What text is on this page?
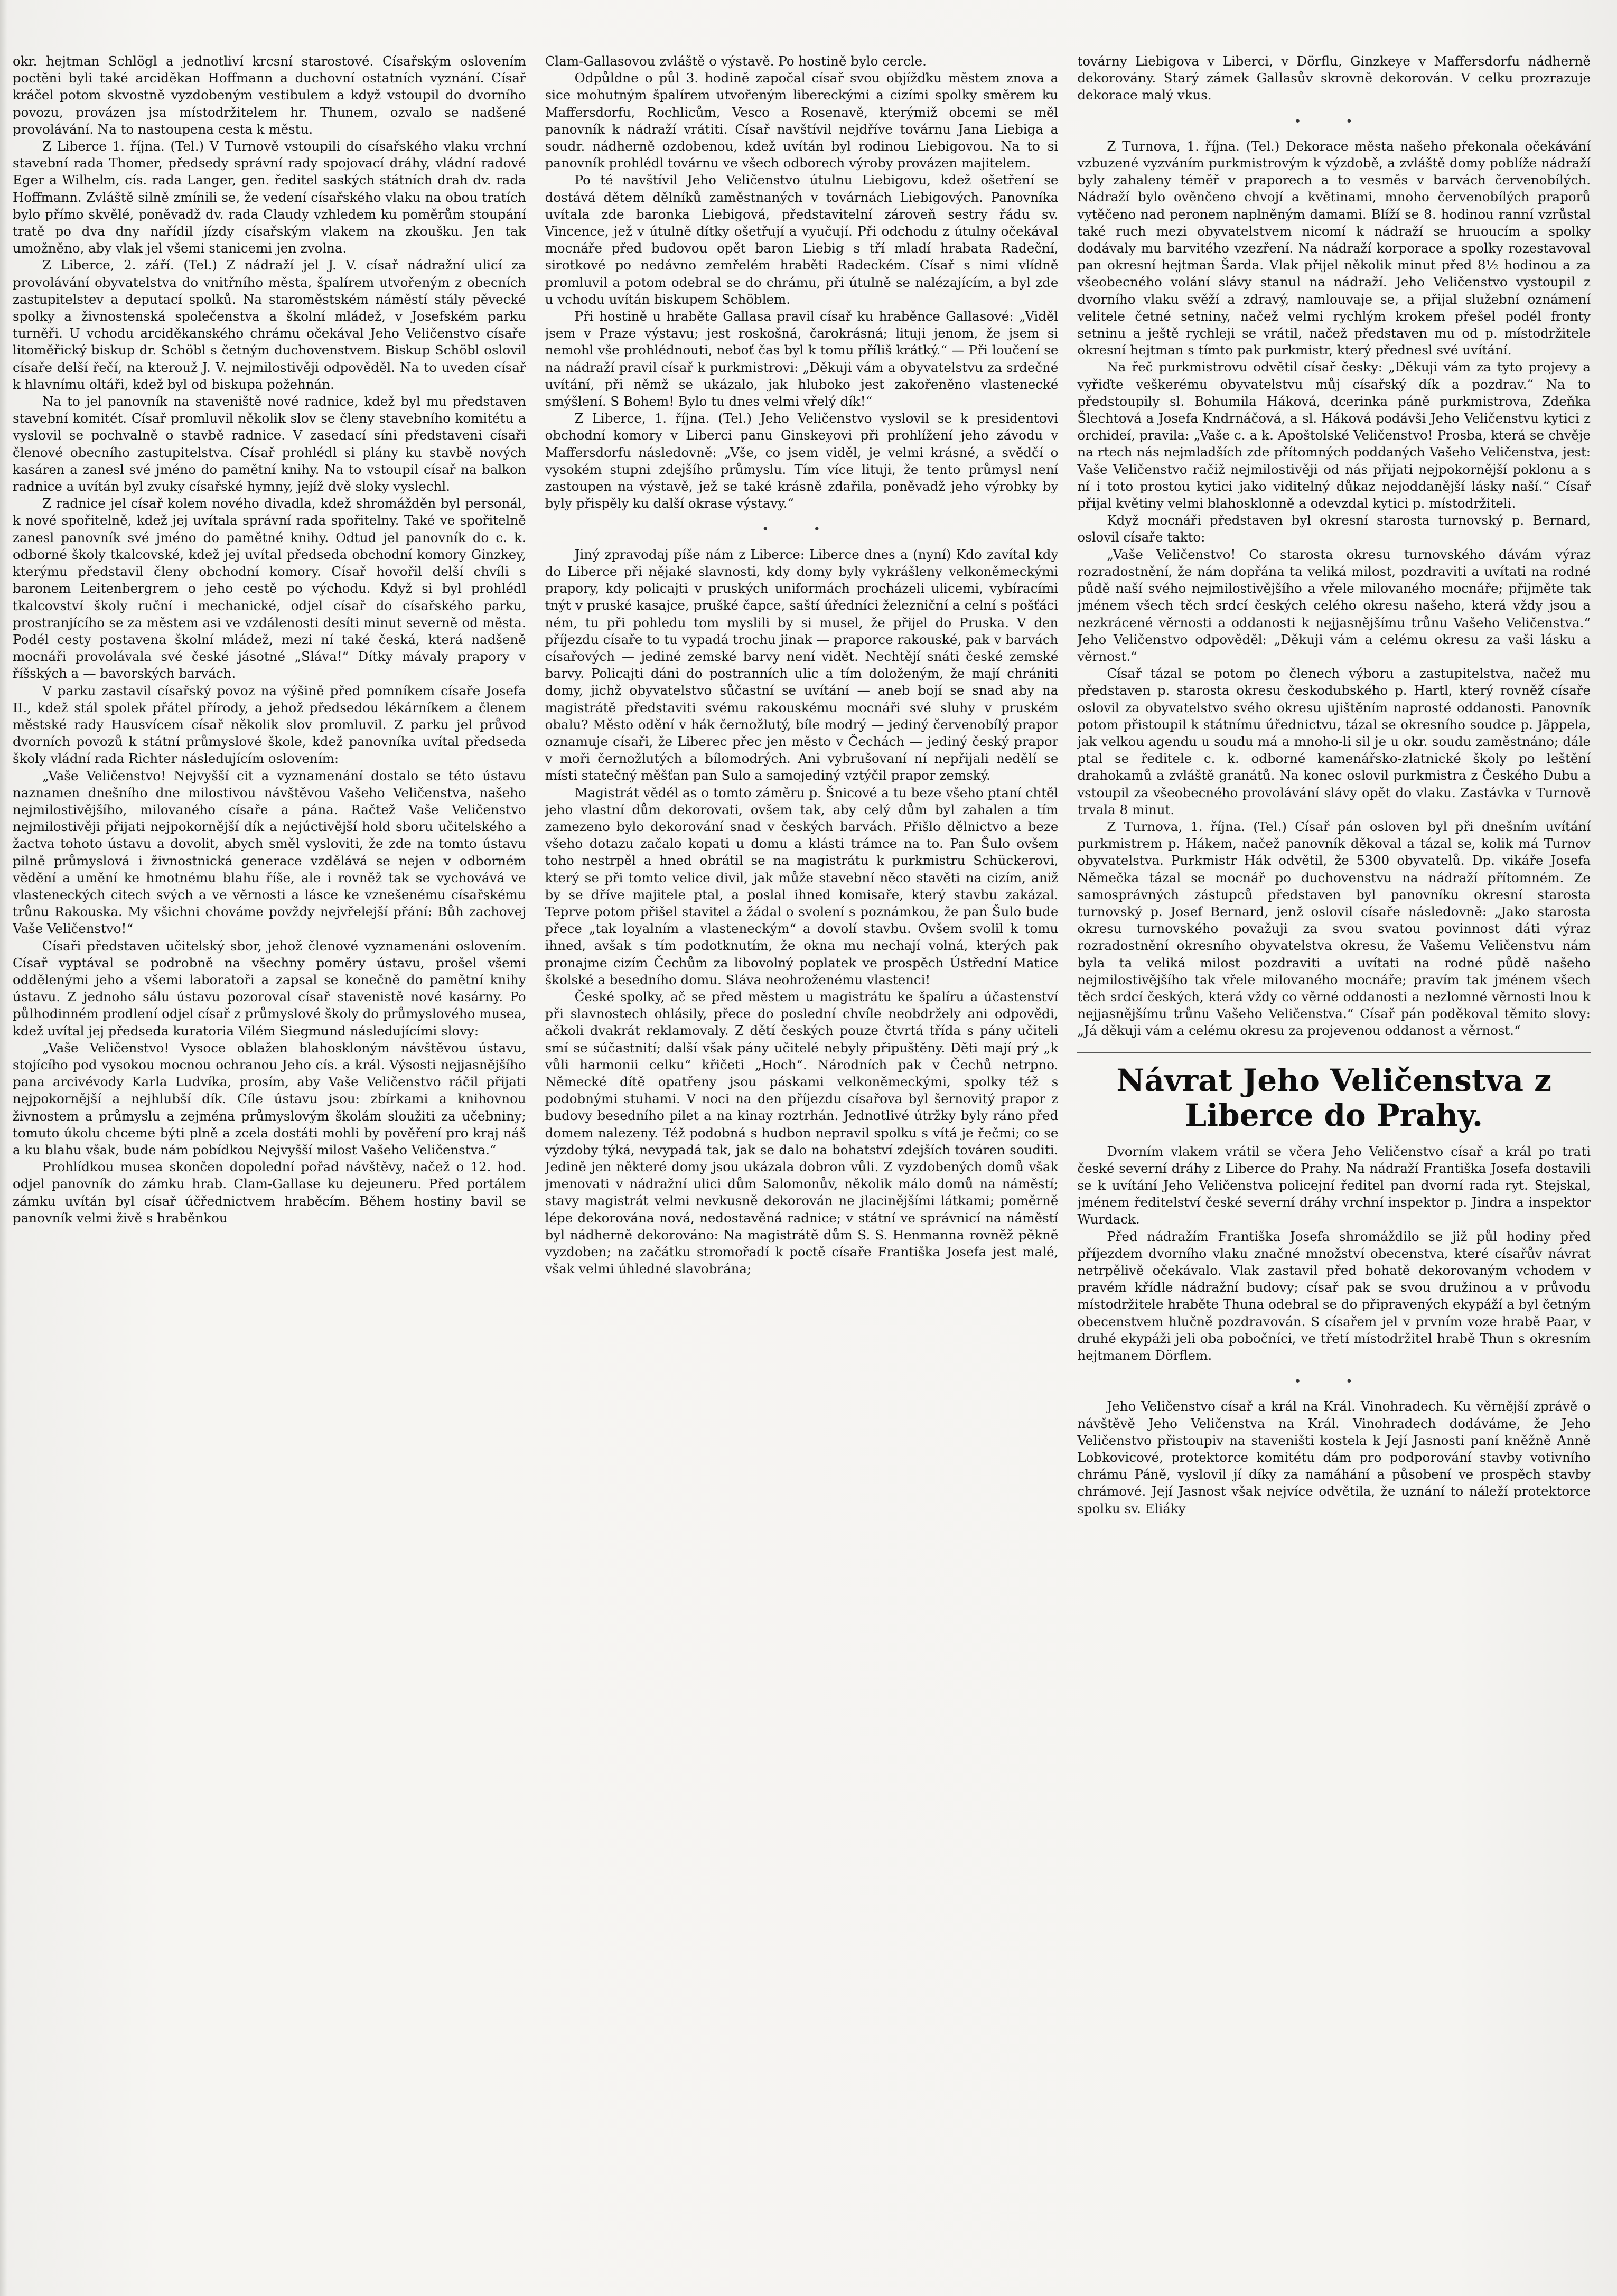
okr. hejtman Schlögl a jednotliví krcsní starostové. Císařským oslovením poctěni byli také arciděkan Hoffmann a duchovní ostatních vyznání. Císař kráčel potom skvostně vyzdobeným vestibulem a když vstoupil do dvorního povozu, provázen jsa místodržitelem hr. Thunem, ozvalo se nadšené provolávání. Na to nastoupena cesta k městu.

Z Liberce 1. října. (Tel.) V Turnově vstoupili do císařského vlaku vrchní stavební rada Thomer, předsedy správní rady spojovací dráhy, vládní radové Eger a Wilhelm, cís. rada Langer, gen. ředitel saských státních drah dv. rada Hoffmann. Zvláště silně zmínili se, že vedení císařského vlaku na obou tratích bylo přímo skvělé, poněvadž dv. rada Claudy vzhledem ku poměrům stoupání tratě po dva dny nařídil jízdy císařským vlakem na zkoušku. Jen tak umožněno, aby vlak jel všemi stanicemi jen zvolna.

Z Liberce, 2. září. (Tel.) Z nádraží jel J. V. císař nádražní ulicí za provolávání obyvatelstva do vnitřního města, špalírem utvořeným z obecních zastupitelstev a deputací spolků. Na staroměstském náměstí stály pěvecké spolky a živnostenská společenstva a školní mládež, v Josefském parku turněři. U vchodu arciděkanského chrámu očekával Jeho Veličenstvo císaře litoměřický biskup dr. Schöbl s četným duchovenstvem. Biskup Schöbl oslovil císaře delší řečí, na kterouž J. V. nejmilostivěji odpověděl. Na to uveden císař k hlavnímu oltáři, kdež byl od biskupa požehnán.

Na to jel panovník na staveniště nové radnice, kdež byl mu představen stavební komitét. Císař promluvil několik slov se členy stavebního komitétu a vyslovil se pochvalně o stavbě radnice. V zasedací síni představeni císaři členové obecního zastupitelstva. Císař prohlédl si plány ku stavbě nových kasáren a zanesl své jméno do pamětní knihy. Na to vstoupil císař na balkon radnice a uvítán byl zvuky císařské hymny, jejíž dvě sloky vyslechl.

Z radnice jel císař kolem nového divadla, kdež shromážděn byl personál, k nové spořitelně, kdež jej uvítala správní rada spořitelny. Také ve spořitelně zanesl panovník své jméno do pamětné knihy. Odtud jel panovník do c. k. odborné školy tkalcovské, kdež jej uvítal předseda obchodní komory Ginzkey, kterýmu představil členy obchodní komory. Císař hovořil delší chvíli s baronem Leitenbergrem o jeho cestě po východu. Když si byl prohlédl tkalcovství školy ruční i mechanické, odjel císař do císařského parku, prostranjícího se za městem asi ve vzdálenosti desíti minut severně od města. Podél cesty postavena školní mládež, mezi ní také česká, která nadšeně mocnáři provolávala své české jásotné „Sláva!“ Dítky mávaly prapory v říšských a — bavorských barvách.

V parku zastavil císařský povoz na výšině před pomníkem císaře Josefa II., kdež stál spolek přátel přírody, a jehož předsedou lékárníkem a členem městské rady Hausvícem císař několik slov promluvil. Z parku jel průvod dvorních povozů k státní průmyslové škole, kdež panovníka uvítal předseda školy vládní rada Richter následujícím oslovením:

„Vaše Veličenstvo! Nejvyšší cit a vyznamenání dostalo se této ústavu naznamen dnešního dne milostivou návštěvou Vašeho Veličenstva, našeho nejmilostivějšího, milovaného císaře a pána. Račtež Vaše Veličenstvo nejmilostivěji přijati nejpokornější dík a nejúctivější hold sboru učitelského a žactva tohoto ústavu a dovolit, abych směl vysloviti, že zde na tomto ústavu pilně průmyslová i živnostnická generace vzdělává se nejen v odborném vědění a umění ke hmotnému blahu říše, ale i rovněž tak se vychovává ve vlasteneckých citech svých a ve věrnosti a lásce ke vznešenému císařskému trůnu Rakouska. My všichni chováme povždy nejvřelejší přání: Bůh zachovej Vaše Veličenstvo!“

Císaři představen učitelský sbor, jehož členové vyznamenáni oslovením. Císař vyptával se podrobně na všechny poměry ústavu, prošel všemi oddělenými jeho a všemi laboratoři a zapsal se konečně do pamětní knihy ústavu. Z jednoho sálu ústavu pozoroval císař stavenistě nové kasárny. Po půlhodinném prodlení odjel císař z průmyslové školy do průmyslového musea, kdež uvítal jej předseda kuratoria Vilém Siegmund následujícími slovy:

„Vaše Veličenstvo! Vysoce oblažen blahoskloným návštěvou ústavu, stojícího pod vysokou mocnou ochranou Jeho cís. a král. Výsosti nejjasnějšího pana arcivévody Karla Ludvíka, prosím, aby Vaše Veličenstvo ráčil přijati nejpokornější a nejhlubší dík. Cíle ústavu jsou: zbírkami a knihovnou živnostem a průmyslu a zejména průmyslovým školám sloužiti za učebniny; tomuto úkolu chceme býti plně a zcela dostáti mohli by pověření pro kraj náš a ku blahu však, bude nám pobídkou Nejvyšší milost Vašeho Veličenstva.“

Prohlídkou musea skončen dopolední pořad návštěvy, načež o 12. hod. odjel panovník do zámku hrab. Clam-Gallase ku dejeuneru. Před portálem zámku uvítán byl císař účřednictvem hraběcím. Během hostiny bavil se panovník velmi živě s hraběnkou

Clam-Gallasovou zvláště o výstavě. Po hostině bylo cercle.

Odpůldne o půl 3. hodině započal císař svou objížďku městem znova a sice mohutným špalírem utvořeným libereckými a cizími spolky směrem ku Maffersdorfu, Rochlicům, Vesco a Rosenavě, kterýmiž obcemi se měl panovník k nádraží vrátiti. Císař navštívil nejdříve továrnu Jana Liebiga a soudr. nádherně ozdobenou, kdež uvítán byl rodinou Liebigovou. Na to si panovník prohlédl továrnu ve všech odborech výroby provázen majitelem.

Po té navštívil Jeho Veličenstvo útulnu Liebigovu, kdež ošetření se dostává dětem dělníků zaměstnaných v továrnách Liebigových. Panovníka uvítala zde baronka Liebigová, představitelní zároveň sestry řádu sv. Vincence, jež v útulně dítky ošetřují a vyučují. Při odchodu z útulny očekával mocnáře před budovou opět baron Liebig s tří mladí hrabata Radeční, sirotkové po nedávno zemřelém hraběti Radeckém. Císař s nimi vlídně promluvil a potom odebral se do chrámu, při útulně se nalézajícím, a byl zde u vchodu uvítán biskupem Schöblem.

Při hostině u hraběte Gallasa pravil císař ku hraběnce Gallasové: „Viděl jsem v Praze výstavu; jest roskošná, čarokrásná; lituji jenom, že jsem si nemohl vše prohlédnouti, neboť čas byl k tomu příliš krátký.“ — Při loučení se na nádraží pravil císař k purkmistrovi: „Děkuji vám a obyvatelstvu za srdečné uvítání, při němž se ukázalo, jak hluboko jest zakořeněno vlastenecké smýšlení. S Bohem! Bylo tu dnes velmi vřelý dík!“

Z Liberce, 1. října. (Tel.) Jeho Veličenstvo vyslovil se k presidentovi obchodní komory v Liberci panu Ginskeyovi při prohlížení jeho závodu v Maffersdorfu následovně: „Vše, co jsem viděl, je velmi krásné, a svědčí o vysokém stupni zdejšího průmyslu. Tím více lituji, že tento průmysl není zastoupen na výstavě, jež se také krásně zdařila, poněvadž jeho výrobky by byly přispěly ku další okrase výstavy.“

• •

Jiný zpravodaj píše nám z Liberce: Liberce dnes a (nyní) Kdo zavítal kdy do Liberce při nějaké slavnosti, kdy domy byly vykrášleny velkoněmeckými prapory, kdy policajti v pruských uniformách procházeli ulicemi, vybíracími tnýt v pruské kasajce, prušké čapce, saští úředníci železniční a celní s pošťáci ném, tu při pohledu tom myslili by si musel, že přijel do Pruska. V den příjezdu císaře to tu vypadá trochu jinak — praporce rakouské, pak v barvách císařových — jediné zemské barvy není vidět. Nechtějí snáti české zemské barvy. Policajti dáni do postranních ulic a tím doloženým, že mají chrániti domy, jichž obyvatelstvo sůčastní se uvítání — aneb bojí se snad aby na magistrátě představiti svému rakouskému mocnáři své sluhy v pruském obalu? Město odění v hák černožlutý, bíle modrý — jediný červenobílý prapor oznamuje císaři, že Liberec přec jen město v Čechách — jediný český prapor v moři černožlutých a bílomodrých. Ani vybrušovaní ní nepřijali nedělí se místi statečný měšťan pan Sulo a samojediný vztýčil prapor zemský.

Magistrát vědél as o tomto záměru p. Šnicové a tu beze všeho ptaní chtěl jeho vlastní dům dekorovati, ovšem tak, aby celý dům byl zahalen a tím zamezeno bylo dekorování snad v českých barvách. Přišlo dělnictvo a beze všeho dotazu začalo kopati u domu a klásti trámce na to. Pan Šulo ovšem toho nestrpěl a hned obrátil se na magistrátu k purkmistru Schückerovi, který se při tomto velice divil, jak může stavební něco stavěti na cizím, aniž by se dříve majitele ptal, a poslal ihned komisaře, který stavbu zakázal. Teprve potom přišel stavitel a žádal o svolení s poznámkou, že pan Šulo bude přece „tak loyalním a vlasteneckým“ a dovolí stavbu. Ovšem svolil k tomu ihned, avšak s tím podotknutím, že okna mu nechají volná, kterých pak pronajme cizím Čechům za libovolný poplatek ve prospěch Ústřední Matice školské a besedního domu. Sláva neohroženému vlastenci!

České spolky, ač se před městem u magistrátu ke špalíru a účastenství při slavnostech ohlásily, přece do poslední chvíle neobdržely ani odpovědi, ačkoli dvakrát reklamovaly. Z dětí českých pouze čtvrtá třída s pány učiteli smí se súčastnití; další však pány učitelé nebyly připuštěny. Děti mají prý „k vůli harmonii celku“ křičeti „Hoch“. Národních pak v Čechů netrpno. Německé dítě opatřeny jsou páskami velkoněmeckými, spolky též s podobnými stuhami. V noci na den příjezdu císařova byl šernovitý prapor z budovy besedního pilet a na kinay roztrhán. Jednotlivé útržky byly ráno před domem nalezeny. Též podobná s hudbon nepravil spolku s vítá je řečmi; co se výzdoby týká, nevypadá tak, jak se dalo na bohatství zdejších továren souditi. Jedině jen některé domy jsou ukázala dobron vůli. Z vyzdobených domů však jmenovati v nádražní ulici dům Salomonův, několik málo domů na náměstí; stavy magistrát velmi nevkusně dekorován ne jlacinějšími látkami; poměrně lépe dekorována nová, nedostavěná radnice; v státní ve správnicí na náměstí byl nádherně dekorováno: Na magistrátě dům S. S. Henmanna rovněž pěkně vyzdoben; na začátku stromořadí k poctě císaře Františka Josefa jest malé, však velmi úhledné slavobrána;

továrny Liebigova v Liberci, v Dörflu, Ginzkeye v Maffersdorfu nádherně dekorovány. Starý zámek Gallasův skrovně dekorován. V celku prozrazuje dekorace malý vkus.

• •

Z Turnova, 1. října. (Tel.) Dekorace města našeho překonala očekávání vzbuzené vyzváním purkmistrovým k výzdobě, a zvláště domy poblíže nádraží byly zahaleny téměř v praporech a to vesměs v barvách červenobílých. Nádraží bylo ověnčeno chvojí a květinami, mnoho červenobílých praporů vytěčeno nad peronem naplněným damami. Blíží se 8. hodinou ranní vzrůstal také ruch mezi obyvatelstvem nicomí k nádraží se hruoucím a spolky dodávaly mu barvitého vzezření. Na nádraží korporace a spolky rozestavoval pan okresní hejtman Šarda. Vlak přijel několik minut před 8½ hodinou a za všeobecného volání slávy stanul na nádraží. Jeho Veličenstvo vystoupil z dvorního vlaku svěží a zdravý, namlouvaje se, a přijal služební oznámení velitele četné setniny, načež velmi rychlým krokem přešel podél fronty setninu a ještě rychleji se vrátil, načež představen mu od p. místodržitele okresní hejtman s tímto pak purkmistr, který přednesl své uvítání.

Na řeč purkmistrovu odvětil císař česky: „Děkuji vám za tyto projevy a vyřiďte veškerému obyvatelstvu můj císařský dík a pozdrav.“ Na to předstoupily sl. Bohumila Háková, dcerinka páně purkmistrova, Zdeňka Šlechtová a Josefa Kndrnáčová, a sl. Háková podávši Jeho Veličenstvu kytici z orchideí, pravila: „Vaše c. a k. Apoštolské Veličenstvo! Prosba, která se chvěje na rtech nás nejmladších zde přítomných poddaných Vašeho Veličenstva, jest: Vaše Veličenstvo račiž nejmilostivěji od nás přijati nejpokornější poklonu a s ní i toto prostou kytici jako viditelný důkaz nejoddanější lásky naší.“ Císař přijal květiny velmi blahosklonně a odevzdal kytici p. místodržiteli.

Když mocnáři představen byl okresní starosta turnovský p. Bernard, oslovil císaře takto:

„Vaše Veličenstvo! Co starosta okresu turnovského dávám výraz rozradostnění, že nám dopřána ta veliká milost, pozdraviti a uvítati na rodné půdě naší svého nejmilostivějšího a vřele milovaného mocnáře; přijměte tak jménem všech těch srdcí českých celého okresu našeho, která vždy jsou a nezkrácené věrnosti a oddanosti k nejjasnějšímu trůnu Vašeho Veličenstva.“ Jeho Veličenstvo odpověděl: „Děkuji vám a celému okresu za vaši lásku a věrnost.“

Císař tázal se potom po členech výboru a zastupitelstva, načež mu představen p. starosta okresu českodubského p. Hartl, který rovněž císaře oslovil za obyvatelstvo svého okresu ujištěním naprosté oddanosti. Panovník potom přistoupil k státnímu úřednictvu, tázal se okresního soudce p. Jäppela, jak velkou agendu u soudu má a mnoho-li sil je u okr. soudu zaměstnáno; dále ptal se ředitele c. k. odborné kamenářsko-zlatnické školy po leštění drahokamů a zvláště granátů. Na konec oslovil purkmistra z Českého Dubu a vstoupil za všeobecného provolávání slávy opět do vlaku. Zastávka v Turnově trvala 8 minut.

Z Turnova, 1. října. (Tel.) Císař pán osloven byl při dnešním uvítání purkmistrem p. Hákem, načež panovník děkoval a tázal se, kolik má Turnov obyvatelstva. Purkmistr Hák odvětil, že 5300 obyvatelů. Dp. vikáře Josefa Němečka tázal se mocnář po duchovenstvu na nádraží přítomném. Ze samosprávných zástupců představen byl panovníku okresní starosta turnovský p. Josef Bernard, jenž oslovil císaře následovně: „Jako starosta okresu turnovského považuji za svou svatou povinnost dáti výraz rozradostnění okresního obyvatelstva okresu, že Vašemu Veličenstvu nám byla ta veliká milost pozdraviti a uvítati na rodné půdě našeho nejmilostivějšího tak vřele milovaného mocnáře; pravím tak jménem všech těch srdcí českých, která vždy co věrné oddanosti a nezlomné věrnosti lnou k nejjasnějšímu trůnu Vašeho Veličenstva.“ Císař pán poděkoval těmito slovy: „Já děkuji vám a celému okresu za projevenou oddanost a věrnost.“

Návrat Jeho Veličenstva z Liberce do Prahy.

Dvorním vlakem vrátil se včera Jeho Veličenstvo císař a král po trati české severní dráhy z Liberce do Prahy. Na nádraží Františka Josefa dostavili se k uvítání Jeho Veličenstva policejní ředitel pan dvorní rada ryt. Stejskal, jménem ředitelství české severní dráhy vrchní inspektor p. Jindra a inspektor Wurdack.

Před nádražím Františka Josefa shromáždilo se již půl hodiny před příjezdem dvorního vlaku značné množství obecenstva, které císařův návrat netrpělivě očekávalo. Vlak zastavil před bohatě dekorovaným vchodem v pravém křídle nádražní budovy; císař pak se svou družinou a v průvodu místodržitele hraběte Thuna odebral se do připravených ekypáží a byl četným obecenstvem hlučně pozdravován. S císařem jel v prvním voze hrabě Paar, v druhé ekypáži jeli oba pobočníci, ve třetí místodržitel hrabě Thun s okresním hejtmanem Dörflem.

• •

Jeho Veličenstvo císař a král na Král. Vinohradech. Ku věrnější zprávě o návštěvě Jeho Veličenstva na Král. Vinohradech dodáváme, že Jeho Veličenstvo přistoupiv na staveništi kostela k Její Jasnosti paní kněžně Anně Lobkovicové, protektorce komitétu dám pro podporování stavby votivního chrámu Páně, vyslovil jí díky za namáhání a působení ve prospěch stavby chrámové. Její Jasnost však nejvíce odvětila, že uznání to náleží protektorce spolku sv. Eliáky
